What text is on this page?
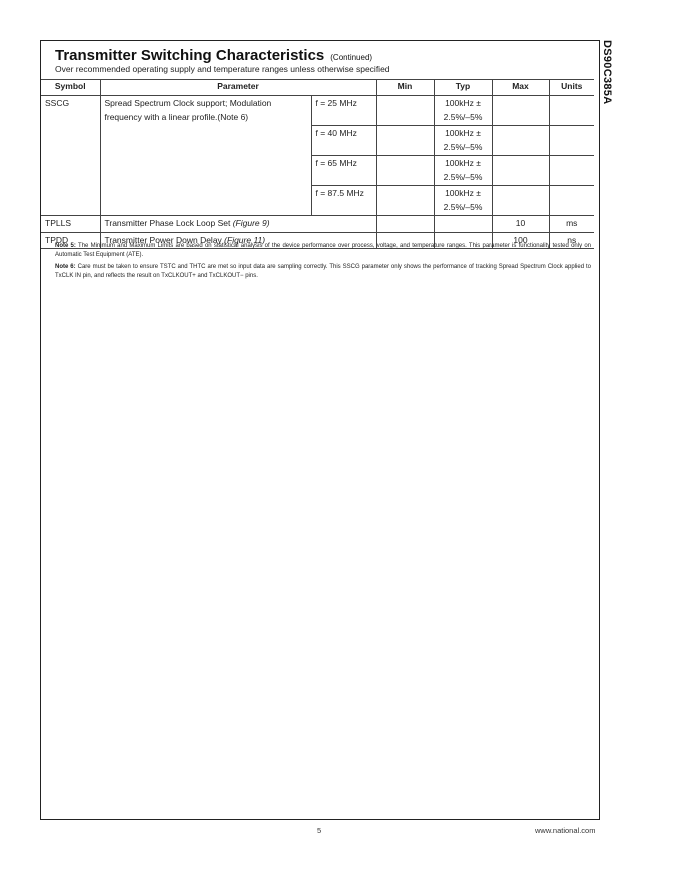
DS90C385A
Transmitter Switching Characteristics (Continued)
Over recommended operating supply and temperature ranges unless otherwise specified
Symbol	Parameter		Min	Typ	Max	Units
SSCG	Spread Spectrum Clock support; Modulation frequency with a linear profile.(Note 6)	f = 25 MHz		100kHz ±
2.5%/–5%		

		f = 40 MHz		100kHz ±
2.5%/–5%		

		f = 65 MHz		100kHz ±
2.5%/–5%		

		f = 87.5 MHz		100kHz ±
2.5%/–5%		

TPLLS	Transmitter Phase Lock Loop Set (Figure 9)				10	ms
TPDD	Transmitter Power Down Delay (Figure 11)				100	ns

Note 5: The Minimum and Maximum Limits are based on statistical analysis of the device performance over process, voltage, and temperature ranges. This parameter is functionality tested only on Automatic Test Equipment (ATE).

Note 6: Care must be taken to ensure TSTC and THTC are met so input data are sampling correctly. This SSCG parameter only shows the performance of tracking Spread Spectrum Clock applied to TxCLK IN pin, and reflects the result on TxCLKOUT+ and TxCLKOUT− pins.

5	www.national.com
